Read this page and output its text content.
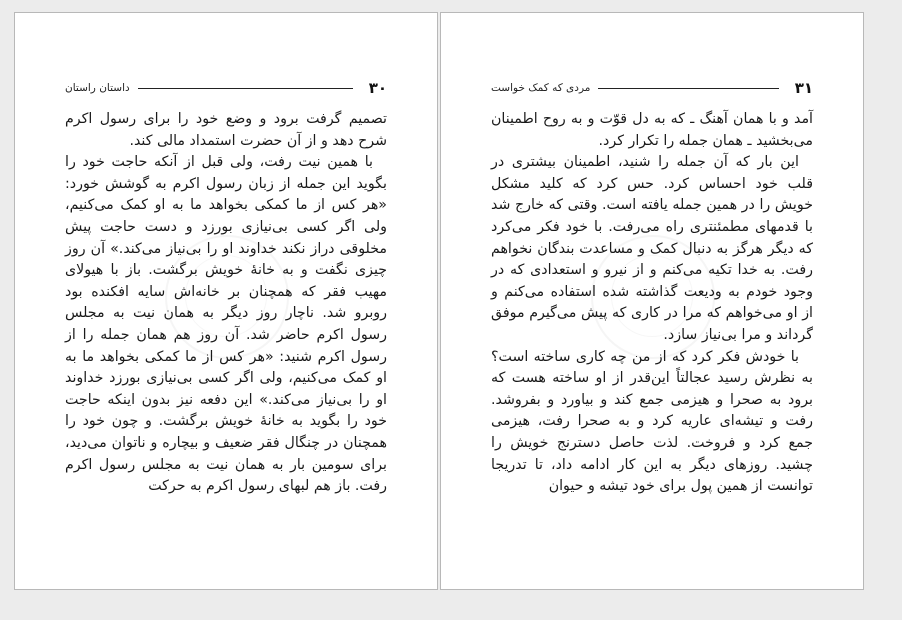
۳۰
داستان راستان

تصمیم گرفت برود و وضع خود را برای رسول اکرم شرح دهد و از آن حضرت استمداد مالی کند.

با همین نیت رفت، ولی قبل از آنکه حاجت خود را بگوید این جمله از زبان رسول اکرم به گوشش خورد: «هر کس از ما کمکی بخواهد ما به او کمک می‌کنیم، ولی اگر کسی بی‌نیازی بورزد و دست حاجت پیش مخلوقی دراز نکند خداوند او را بی‌نیاز می‌کند.» آن روز چیزی نگفت و به خانهٔ خویش برگشت. باز با هیولای مهیب فقر که همچنان بر خانه‌اش سایه افکنده بود روبرو شد. ناچار روز دیگر به همان نیت به مجلس رسول اکرم حاضر شد. آن روز هم همان جمله را از رسول اکرم شنید: «هر کس از ما کمکی بخواهد ما به او کمک می‌کنیم، ولی اگر کسی بی‌نیازی بورزد خداوند او را بی‌نیاز می‌کند.» این دفعه نیز بدون اینکه حاجت خود را بگوید به خانهٔ خویش برگشت. و چون خود را همچنان در چنگال فقر ضعیف و بیچاره و ناتوان می‌دید، برای سومین بار به همان نیت به مجلس رسول اکرم رفت. باز هم لبهای رسول اکرم به حرکت

۳۱
مردی که کمک خواست

آمد و با همان آهنگ ـ که به دل قوّت و به روح اطمینان می‌بخشید ـ همان جمله را تکرار کرد.

این بار که آن جمله را شنید، اطمینان بیشتری در قلب خود احساس کرد. حس کرد که کلید مشکل خویش را در همین جمله یافته است. وقتی که خارج شد با قدمهای مطمئنتری راه می‌رفت. با خود فکر می‌کرد که دیگر هرگز به دنبال کمک و مساعدت بندگان نخواهم رفت. به خدا تکیه می‌کنم و از نیرو و استعدادی که در وجود خودم به ودیعت گذاشته شده استفاده می‌کنم و از او می‌خواهم که مرا در کاری که پیش می‌گیرم موفق گرداند و مرا بی‌نیاز سازد.

با خودش فکر کرد که از من چه کاری ساخته است؟ به نظرش رسید عجالتاً این‌قدر از او ساخته هست که برود به صحرا و هیزمی جمع کند و بیاورد و بفروشد. رفت و تیشه‌ای عاریه کرد و به صحرا رفت، هیزمی جمع کرد و فروخت. لذت حاصل دسترنج خویش را چشید. روزهای دیگر به این کار ادامه داد، تا تدریجا توانست از همین پول برای خود تیشه و حیوان
